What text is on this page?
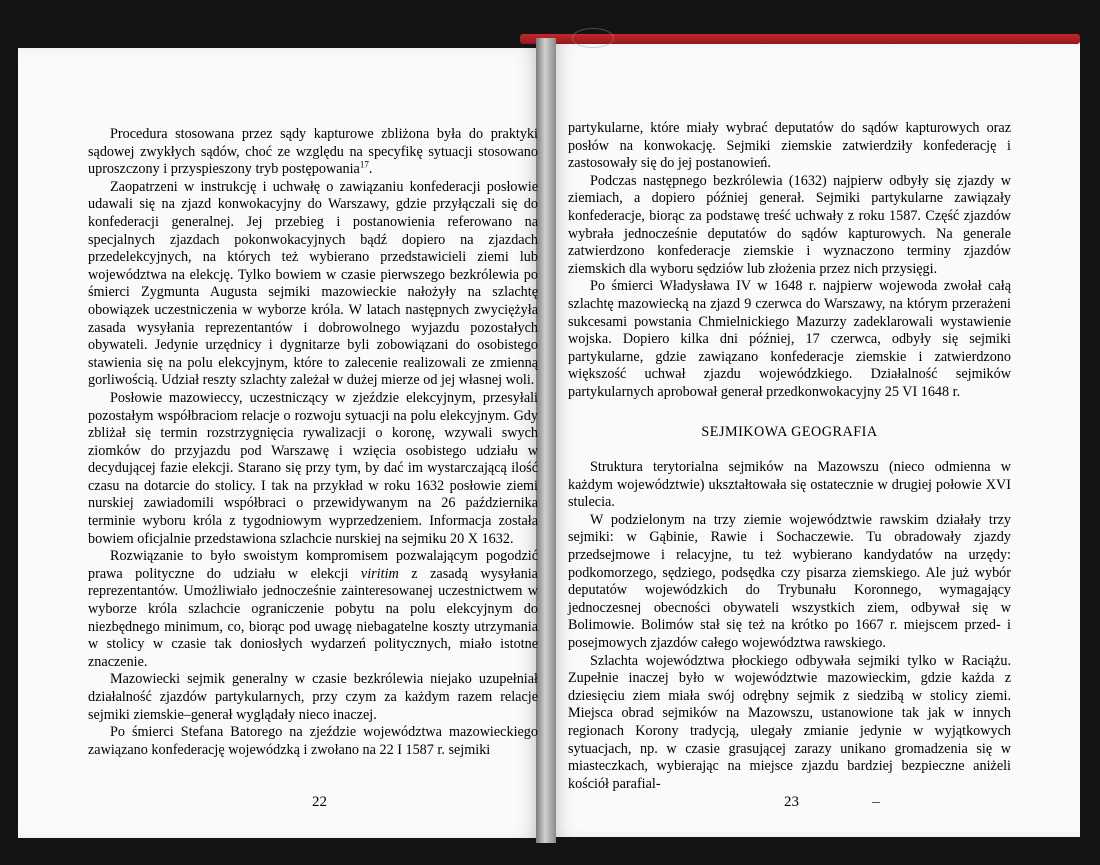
Procedura stosowana przez sądy kapturowe zbliżona była do praktyki sądowej zwykłych sądów, choć ze względu na specyfikę sytuacji stosowano uproszczony i przyspieszony tryb postępowania$^{17}$.

Zaopatrzeni w instrukcję i uchwałę o zawiązaniu konfederacji posłowie udawali się na zjazd konwokacyjny do Warszawy, gdzie przyłączali się do konfederacji generalnej. Jej przebieg i postanowienia referowano na specjalnych zjazdach pokonwokacyjnych bądź dopiero na zjazdach przedelekcyjnych, na których też wybierano przedstawicieli ziemi lub województwa na elekcję. Tylko bowiem w czasie pierwszego bezkrólewia po śmierci Zygmunta Augusta sejmiki mazowieckie nałożyły na szlachtę obowiązek uczestniczenia w wyborze króla. W latach następnych zwyciężyła zasada wysyłania reprezentantów i dobrowolnego wyjazdu pozostałych obywateli. Jedynie urzędnicy i dygnitarze byli zobowiązani do osobistego stawienia się na polu elekcyjnym, które to zalecenie realizowali ze zmienną gorliwością. Udział reszty szlachty zależał w dużej mierze od jej własnej woli.

Posłowie mazowieccy, uczestniczący w zjeździe elekcyjnym, przesyłali pozostałym współbraciom relacje o rozwoju sytuacji na polu elekcyjnym. Gdy zbliżał się termin rozstrzygnięcia rywalizacji o koronę, wzywali swych ziomków do przyjazdu pod Warszawę i wzięcia osobistego udziału w decydującej fazie elekcji. Starano się przy tym, by dać im wystarczającą ilość czasu na dotarcie do stolicy. I tak na przykład w roku 1632 posłowie ziemi nurskiej zawiadomili współbraci o przewidywanym na 26 października terminie wyboru króla z tygodniowym wyprzedzeniem. Informacja została bowiem oficjalnie przedstawiona szlachcie nurskiej na sejmiku 20 X 1632.

Rozwiązanie to było swoistym kompromisem pozwalającym pogodzić prawa polityczne do udziału w elekcji viritim z zasadą wysyłania reprezentantów. Umożliwiało jednocześnie zainteresowanej uczestnictwem w wyborze króla szlachcie ograniczenie pobytu na polu elekcyjnym do niezbędnego minimum, co, biorąc pod uwagę niebagatelne koszty utrzymania w stolicy w czasie tak doniosłych wydarzeń politycznych, miało istotne znaczenie.

Mazowiecki sejmik generalny w czasie bezkrólewia niejako uzupełniał działalność zjazdów partykularnych, przy czym za każdym razem relacje sejmiki ziemskie–generał wyglądały nieco inaczej.

Po śmierci Stefana Batorego na zjeździe województwa mazowieckiego zawiązano konfederację wojewódzką i zwołano na 22 I 1587 r. sejmiki

22

partykularne, które miały wybrać deputatów do sądów kapturowych oraz posłów na konwokację. Sejmiki ziemskie zatwierdziły konfederację i zastosowały się do jej postanowień.

Podczas następnego bezkrólewia (1632) najpierw odbyły się zjazdy w ziemiach, a dopiero później generał. Sejmiki partykularne zawiązały konfederacje, biorąc za podstawę treść uchwały z roku 1587. Część zjazdów wybrała jednocześnie deputatów do sądów kapturowych. Na generale zatwierdzono konfederacje ziemskie i wyznaczono terminy zjazdów ziemskich dla wyboru sędziów lub złożenia przez nich przysięgi.

Po śmierci Władysława IV w 1648 r. najpierw wojewoda zwołał całą szlachtę mazowiecką na zjazd 9 czerwca do Warszawy, na którym przerażeni sukcesami powstania Chmielnickiego Mazurzy zadeklarowali wystawienie wojska. Dopiero kilka dni później, 17 czerwca, odbyły się sejmiki partykularne, gdzie zawiązano konfederacje ziemskie i zatwierdzono większość uchwał zjazdu wojewódzkiego. Działalność sejmików partykularnych aprobował generał przedkonwokacyjny 25 VI 1648 r.

SEJMIKOWA GEOGRAFIA

Struktura terytorialna sejmików na Mazowszu (nieco odmienna w każdym województwie) ukształtowała się ostatecznie w drugiej połowie XVI stulecia.

W podzielonym na trzy ziemie województwie rawskim działały trzy sejmiki: w Gąbinie, Rawie i Sochaczewie. Tu obradowały zjazdy przedsejmowe i relacyjne, tu też wybierano kandydatów na urzędy: podkomorzego, sędziego, podsędka czy pisarza ziemskiego. Ale już wybór deputatów wojewódzkich do Trybunału Koronnego, wymagający jednoczesnej obecności obywateli wszystkich ziem, odbywał się w Bolimowie. Bolimów stał się też na krótko po 1667 r. miejscem przed- i posejmowych zjazdów całego województwa rawskiego.

Szlachta województwa płockiego odbywała sejmiki tylko w Raciążu. Zupełnie inaczej było w województwie mazowieckim, gdzie każda z dziesięciu ziem miała swój odrębny sejmik z siedzibą w stolicy ziemi. Miejsca obrad sejmików na Mazowszu, ustanowione tak jak w innych regionach Korony tradycją, ulegały zmianie jedynie w wyjątkowych sytuacjach, np. w czasie grasującej zarazy unikano gromadzenia się w miasteczkach, wybierając na miejsce zjazdu bardziej bezpieczne aniżeli kościół parafial-

23
